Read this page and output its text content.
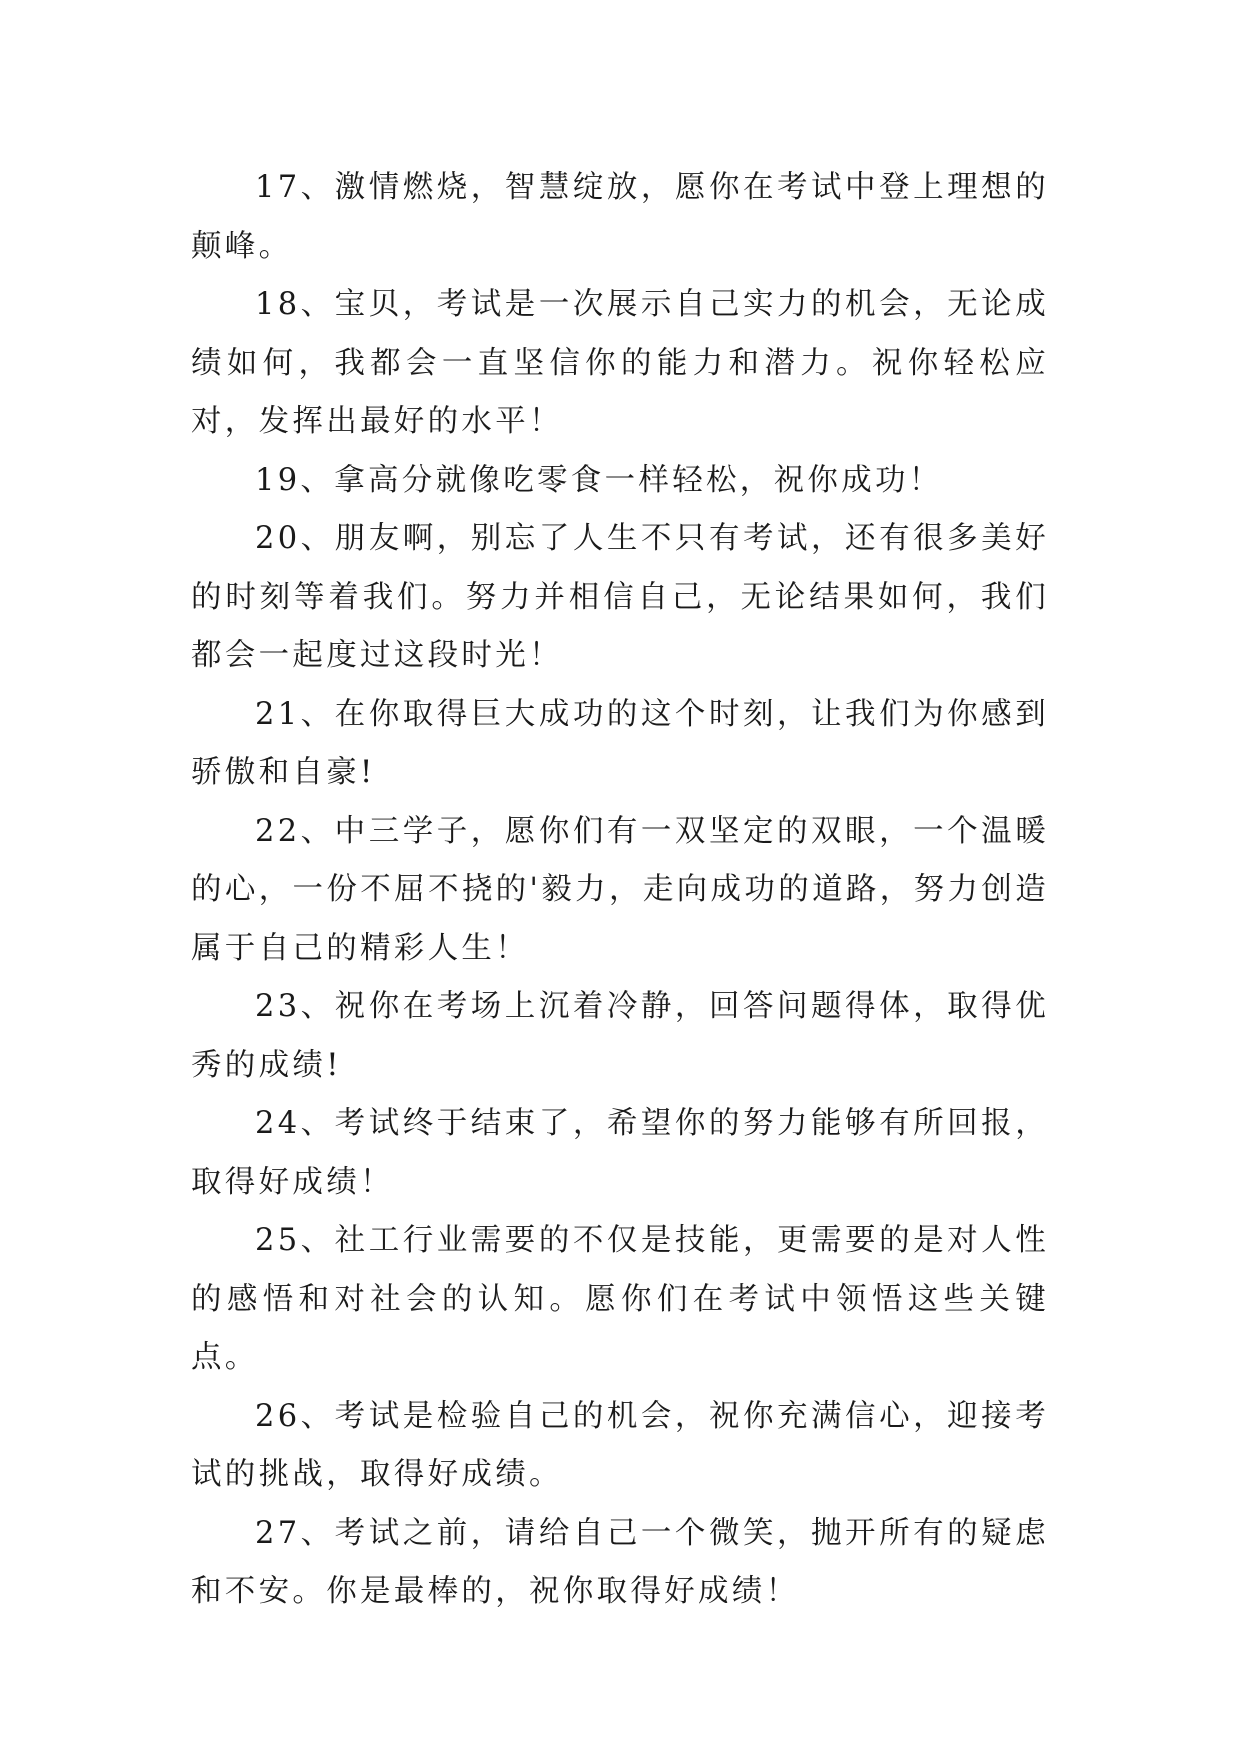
17、激情燃烧，智慧绽放，愿你在考试中登上理想的颠峰。

18、宝贝，考试是一次展示自己实力的机会，无论成绩如何，我都会一直坚信你的能力和潜力。祝你轻松应对，发挥出最好的水平！

19、拿高分就像吃零食一样轻松，祝你成功！

20、朋友啊，别忘了人生不只有考试，还有很多美好的时刻等着我们。努力并相信自己，无论结果如何，我们都会一起度过这段时光！

21、在你取得巨大成功的这个时刻，让我们为你感到骄傲和自豪!

22、中三学子，愿你们有一双坚定的双眼，一个温暖的心，一份不屈不挠的'毅力，走向成功的道路，努力创造属于自己的精彩人生！

23、祝你在考场上沉着冷静，回答问题得体，取得优秀的成绩!

24、考试终于结束了，希望你的努力能够有所回报，取得好成绩！

25、社工行业需要的不仅是技能，更需要的是对人性的感悟和对社会的认知。愿你们在考试中领悟这些关键点。

26、考试是检验自己的机会，祝你充满信心，迎接考试的挑战，取得好成绩。

27、考试之前，请给自己一个微笑，抛开所有的疑虑和不安。你是最棒的，祝你取得好成绩！
